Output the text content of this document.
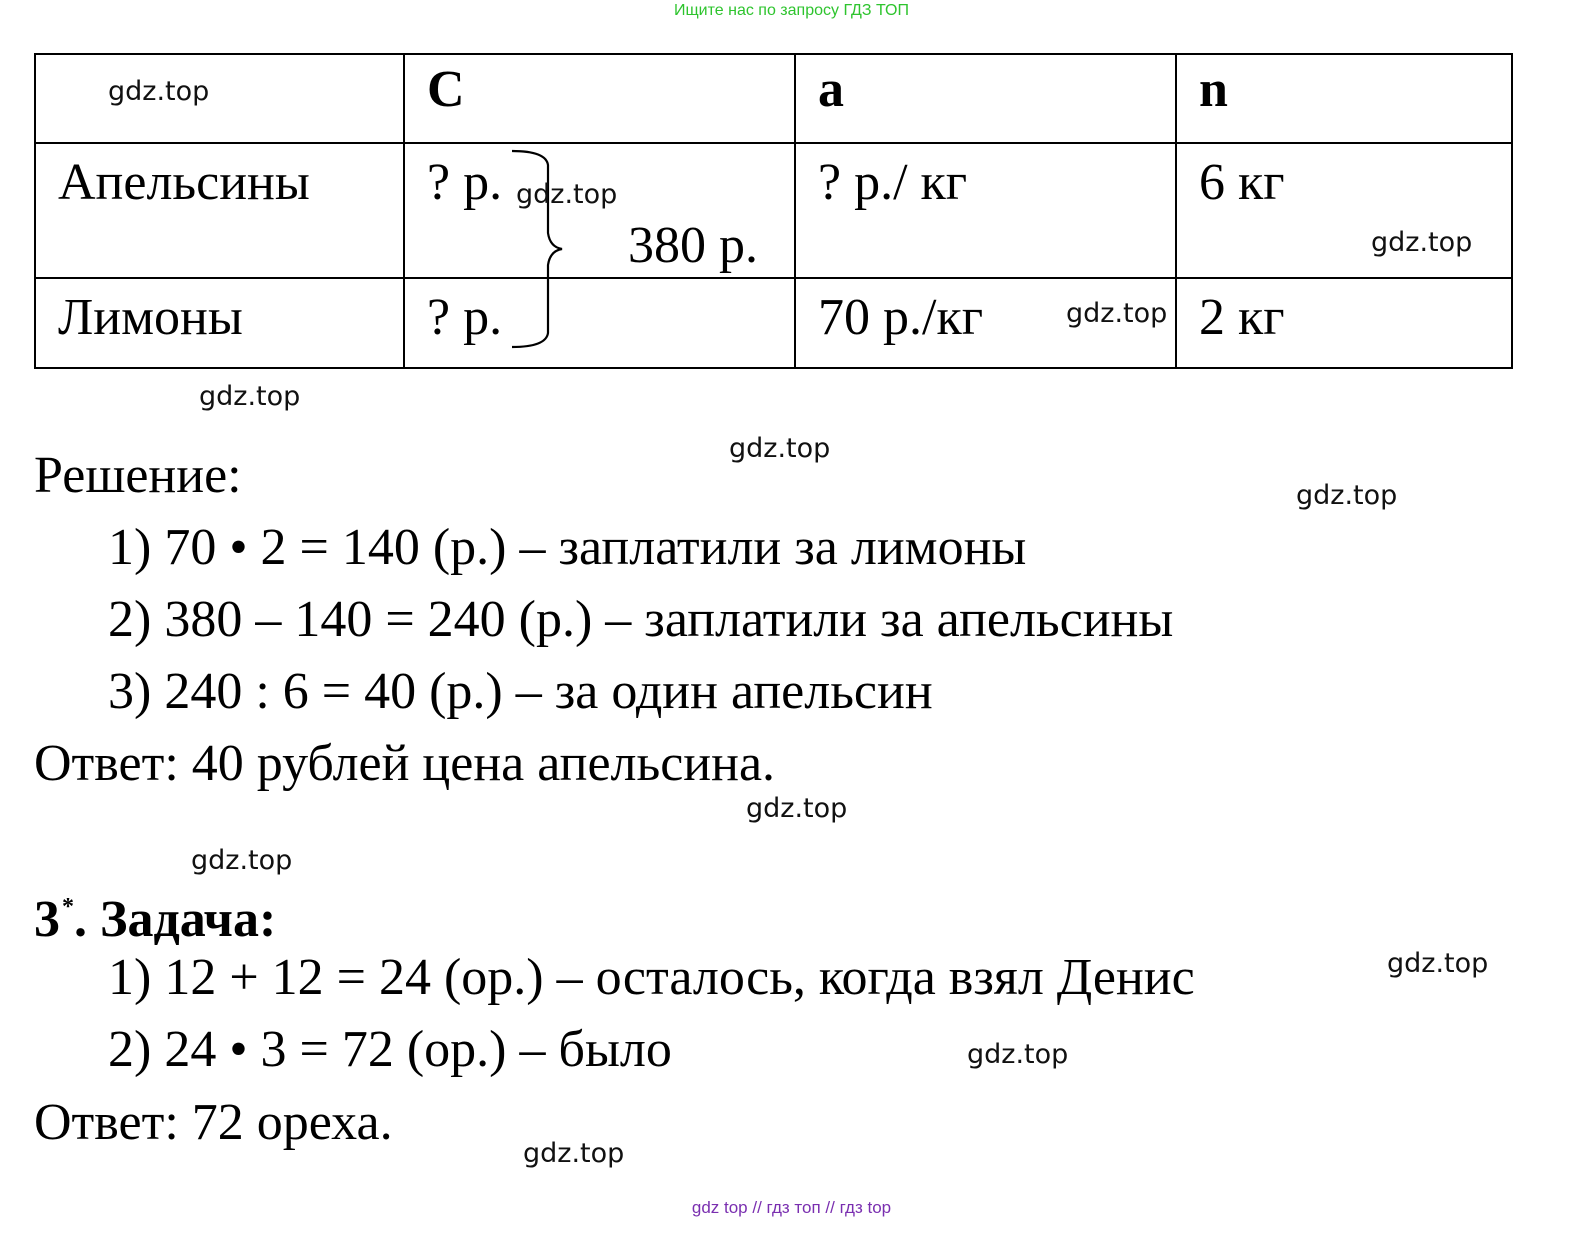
Ищите нас по запросу ГДЗ ТОП

	C	a	n

Апельсины	? р.	? р./ кг	6 кг

Лимоны	? р.	70 р./кг	2 кг
380 р.
Решение:
1) 70 • 2 = 140 (р.) – заплатили за лимоны
2) 380 – 140 = 240 (р.) – заплатили за апельсины
3) 240 : 6 = 40 (р.) – за один апельсин
Ответ: 40 рублей цена апельсина.
3*. Задача:
1) 12 + 12 = 24 (ор.) – осталось, когда взял Денис
2) 24 • 3 = 72 (ор.) – было
Ответ: 72 ореха.
gdz.top
gdz.top
gdz.top
gdz.top
gdz.top
gdz.top
gdz.top
gdz.top
gdz.top
gdz.top
gdz.top
gdz.top
gdz top // гдз топ // гдз top
